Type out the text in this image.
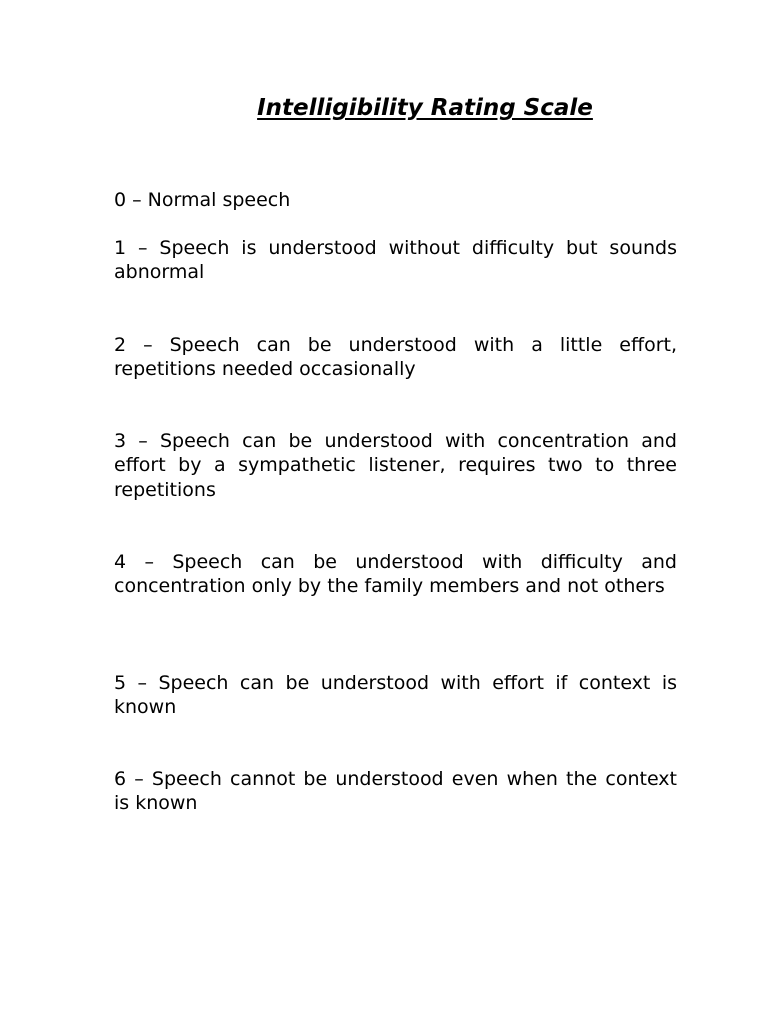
Intelligibility Rating Scale
0 – Normal speech
1 – Speech is understood without difficulty but sounds abnormal
2 – Speech can be understood with a little effort, repetitions needed occasionally
3 – Speech can be understood with concentration and effort by a sympathetic listener, requires two to three repetitions
4 – Speech can be understood with difficulty and concentration only by the family members and not others
5 – Speech can be understood with effort if context is known
6 – Speech cannot be understood even when the context is known
